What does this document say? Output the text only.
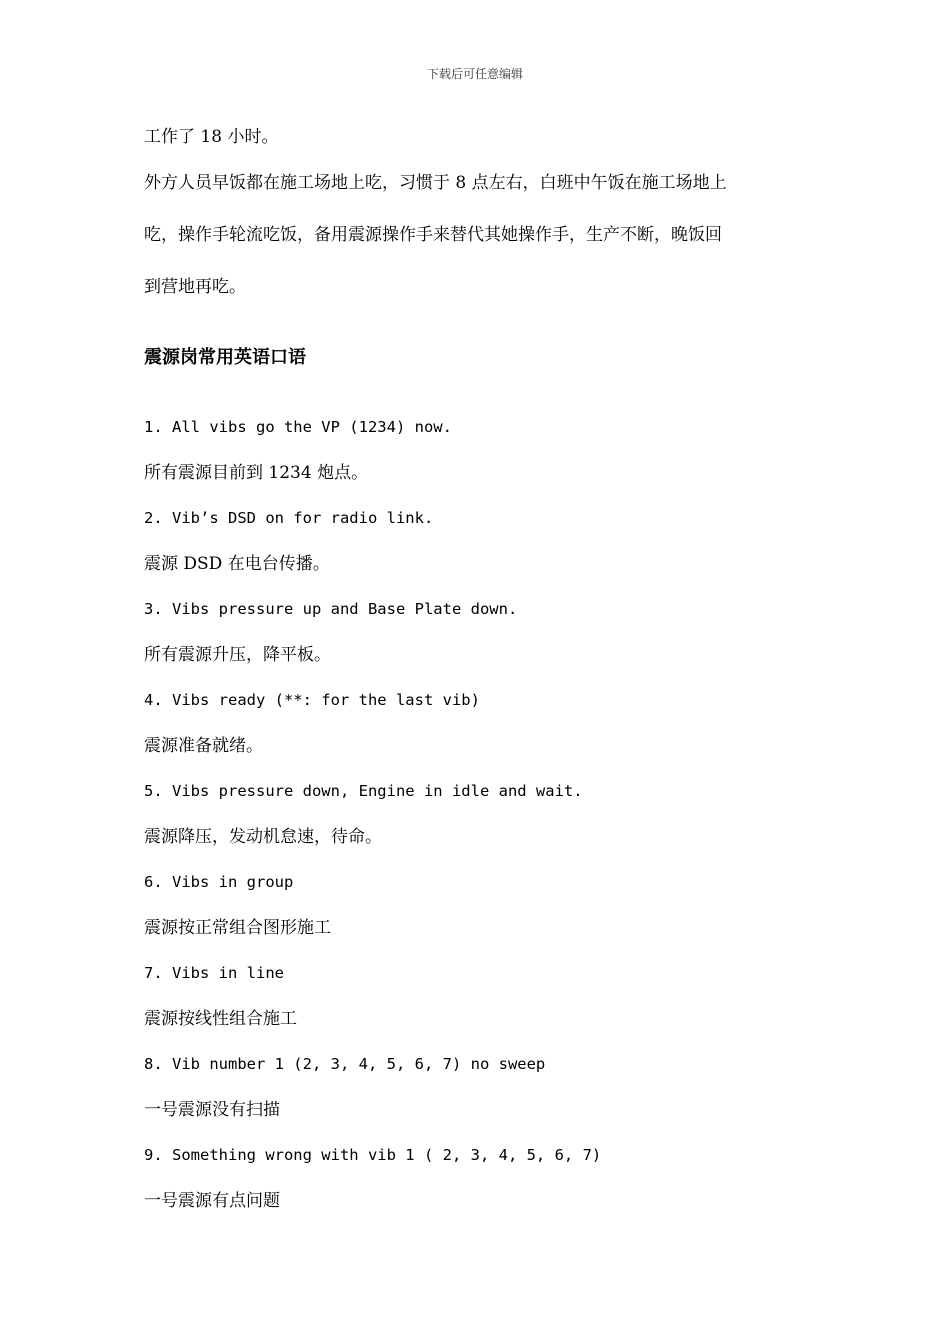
下载后可任意编辑
工作了 18 小时。
外方人员早饭都在施工场地上吃，习惯于 8 点左右，白班中午饭在施工场地上
吃，操作手轮流吃饭，备用震源操作手来替代其她操作手，生产不断，晚饭回
到营地再吃。
震源岗常用英语口语
1. All vibs go the VP (1234) now.
所有震源目前到 1234 炮点。
2. Vib’s DSD on for radio link.
震源 DSD 在电台传播。
3. Vibs pressure up and Base Plate down.
所有震源升压，降平板。
4. Vibs ready (**: for the last vib)
震源准备就绪。
5. Vibs pressure down, Engine in idle and wait.
震源降压，发动机怠速，待命。
6. Vibs in group
震源按正常组合图形施工
7. Vibs in line
震源按线性组合施工
8. Vib number 1 (2, 3, 4, 5, 6, 7) no sweep
一号震源没有扫描
9. Something wrong with vib 1 ( 2, 3, 4, 5, 6, 7)
一号震源有点问题
